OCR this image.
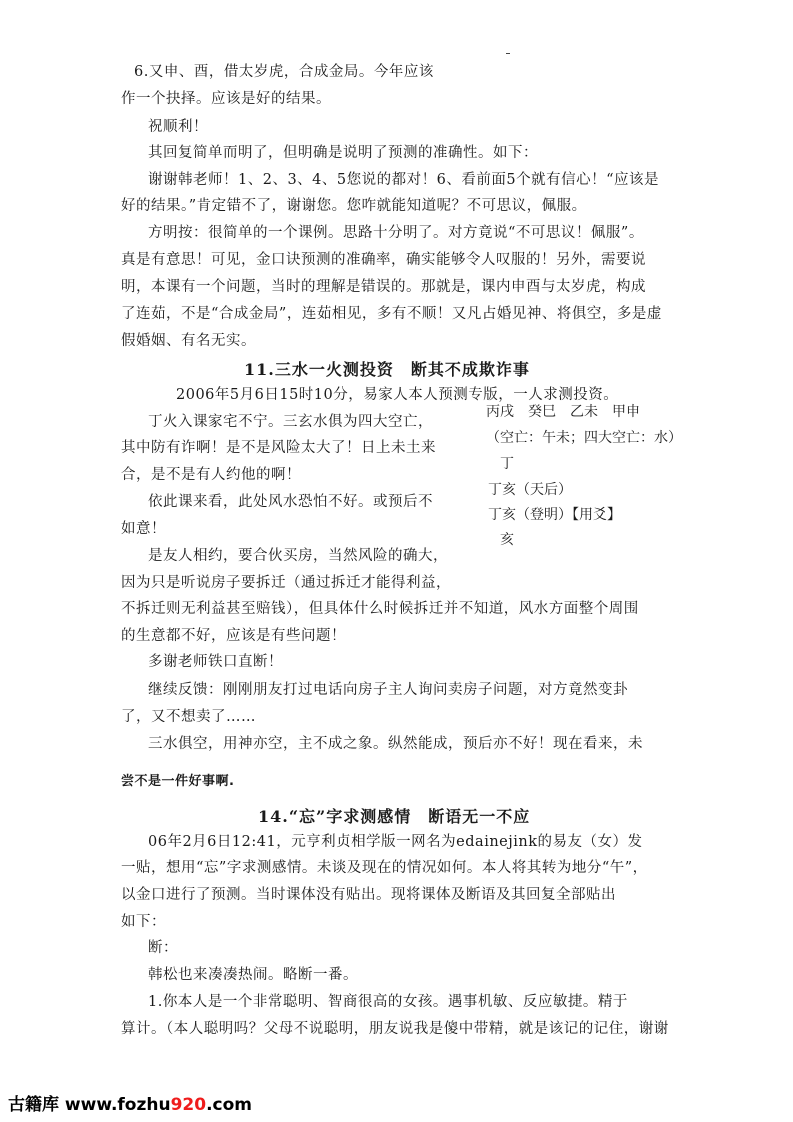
6.又申、酉，借太岁虎，合成金局。今年应该
作一个抉择。应该是好的结果。
祝顺利！
其回复简单而明了，但明确是说明了预测的准确性。如下：
谢谢韩老师！1、2、3、4、5您说的都对！6、看前面5个就有信心！“应该是
好的结果。”肯定错不了，谢谢您。您咋就能知道呢？不可思议，佩服。
方明按：很简单的一个课例。思路十分明了。对方竟说“不可思议！佩服”。
真是有意思！可见，金口诀预测的准确率，确实能够令人叹服的！另外，需要说
明，本课有一个问题，当时的理解是错误的。那就是，课内申酉与太岁虎，构成
了连茹，不是“合成金局”，连茹相见，多有不顺！又凡占婚见神、将俱空，多是虚
假婚姻、有名无实。
11.三水一火测投资　断其不成欺诈事
2006年5月6日15时10分，易家人本人预测专版，一人求测投资。
丁火入课家宅不宁。三玄水俱为四大空亡，
其中防有诈啊！是不是风险太大了！日上未土来
合，是不是有人约他的啊！
依此课来看，此处风水恐怕不好。或预后不
如意！
是友人相约，要合伙买房，当然风险的确大，
因为只是听说房子要拆迁（通过拆迁才能得利益，
不拆迁则无利益甚至赔钱），但具体什么时候拆迁并不知道，风水方面整个周围
的生意都不好，应该是有些问题！
多谢老师铁口直断！
继续反馈：刚刚朋友打过电话向房子主人询问卖房子问题，对方竟然变卦
了，又不想卖了……
三水俱空，用神亦空，主不成之象。纵然能成，预后亦不好！现在看来，未
尝不是一件好事啊.
丙戌　癸巳　乙未　甲申
（空亡：午未；四大空亡：水）
丁
丁亥（天后）
丁亥（登明）【用爻】
亥
14.“忘”字求测感情　断语无一不应
06年2月6日12:41，元亨利贞相学版一网名为edainejink的易友（女）发
一贴，想用“忘”字求测感情。未谈及现在的情况如何。本人将其转为地分“午”，
以金口进行了预测。当时课体没有贴出。现将课体及断语及其回复全部贴出
如下：
断：
韩松也来凑凑热闹。略断一番。
1.你本人是一个非常聪明、智商很高的女孩。遇事机敏、反应敏捷。精于
算计。（本人聪明吗？父母不说聪明，朋友说我是傻中带精，就是该记的记住，谢谢
古籍库 www.fozhu920.com
